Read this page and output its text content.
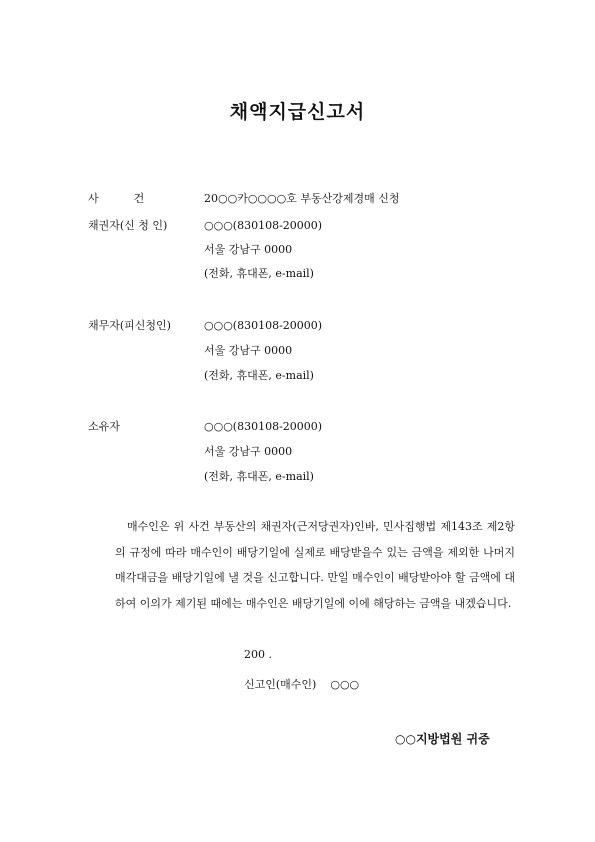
채액지급신고서
사          건	20○○카○○○○호 부동산강제경매 신청
채권자(신 청 인)	○○○(830108-20000)
서울 강남구 0000
(전화, 휴대폰, e-mail)
채무자(피신청인)	○○○(830108-20000)
서울 강남구 0000
(전화, 휴대폰, e-mail)
소유자	○○○(830108-20000)
서울 강남구 0000
(전화, 휴대폰, e-mail)
매수인은 위 사건 부동산의 채권자(근저당권자)인바, 민사집행법 제143조 제2항의 규정에 따라 매수인이 배당기일에 실제로 배당받을수 있는 금액을 제외한 나머지 매각대금을 배당기일에 낼 것을 신고합니다. 만일 매수인이 배당받아야 할 금액에 대하여 이의가 제기된 때에는 매수인은 배당기일에 이에 해당하는 금액을 내겠습니다.
200 .
신고인(매수인) ○○○
○○지방법원 귀중
